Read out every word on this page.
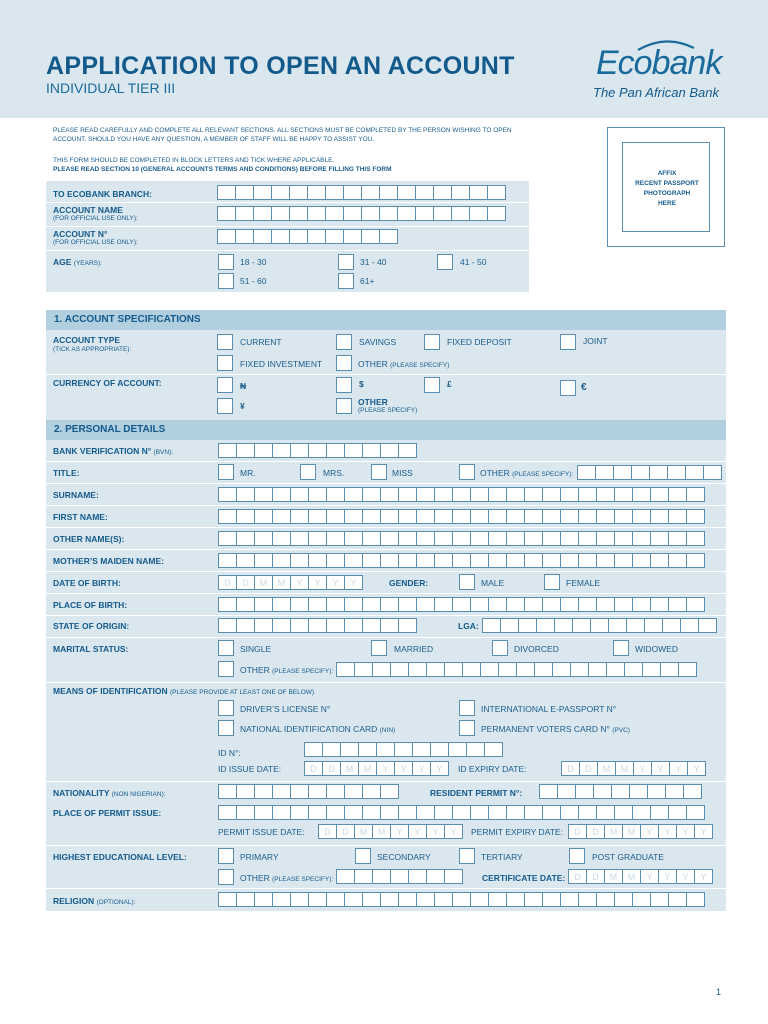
APPLICATION TO OPEN AN ACCOUNT
INDIVIDUAL TIER III
Ecobank
The Pan African Bank
PLEASE READ CAREFULLY AND COMPLETE ALL RELEVANT SECTIONS. ALL SECTIONS MUST BE COMPLETED BY THE PERSON WISHING TO OPEN ACCOUNT. SHOULD YOU HAVE ANY QUESTION, A MEMBER OF STAFF WILL BE HAPPY TO ASSIST YOU.
THIS FORM SHOULD BE COMPLETED IN BLOCK LETTERS AND TICK WHERE APPLICABLE.
PLEASE READ SECTION 10 (GENERAL ACCOUNTS TERMS AND CONDITIONS) BEFORE FILLING THIS FORM
AFFIX
RECENT PASSPORT
PHOTOGRAPH
HERE
TO ECOBANK BRANCH:
ACCOUNT NAME
(FOR OFFICIAL USE ONLY):
ACCOUNT N°
(FOR OFFICIAL USE ONLY):
AGE (YEARS):	18 - 30	31 - 40	41 - 50
51 - 60	61+
1. ACCOUNT SPECIFICATIONS
ACCOUNT TYPE
(TICK AS APPROPRIATE):
CURRENT	SAVINGS	FIXED DEPOSIT	JOINT
FIXED INVESTMENT	OTHER (PLEASE SPECIFY)
CURRENCY OF ACCOUNT:	₦	$	£	€
¥	OTHER
(PLEASE SPECIFY)
2. PERSONAL DETAILS
BANK VERIFICATION N° (BVN):
TITLE:	MR.	MRS.	MISS	OTHER (PLEASE SPECIFY):
SURNAME:
FIRST NAME:
OTHER NAME(S):
MOTHER’S MAIDEN NAME:
DATE OF BIRTH:	D	D	M	M	Y	Y	Y	Y	GENDER:	MALE	FEMALE
PLACE OF BIRTH:
STATE OF ORIGIN:	LGA:
MARITAL STATUS:	SINGLE	MARRIED	DIVORCED	WIDOWED
OTHER (PLEASE SPECIFY):
MEANS OF IDENTIFICATION (PLEASE PROVIDE AT LEAST ONE OF BELOW)
DRIVER’S LICENSE N°	INTERNATIONAL E-PASSPORT N°
NATIONAL IDENTIFICATION CARD (NIN)	PERMANENT VOTERS CARD N° (PVC)
ID N°:
ID ISSUE DATE:	D	D	M	M	Y	Y	Y	Y	ID EXPIRY DATE:	D	D	M	M	Y	Y	Y	Y
NATIONALITY (NON NIGERIAN):	RESIDENT PERMIT N°:
PLACE OF PERMIT ISSUE:
PERMIT ISSUE DATE:	D	D	M	M	Y	Y	Y	Y	PERMIT EXPIRY DATE:	D	D	M	M	Y	Y	Y	Y
HIGHEST EDUCATIONAL LEVEL:	PRIMARY	SECONDARY	TERTIARY	POST GRADUATE
OTHER (PLEASE SPECIFY):	CERTIFICATE DATE: D	D	M	M	Y	Y	Y	Y
RELIGION (OPTIONAL):
1
